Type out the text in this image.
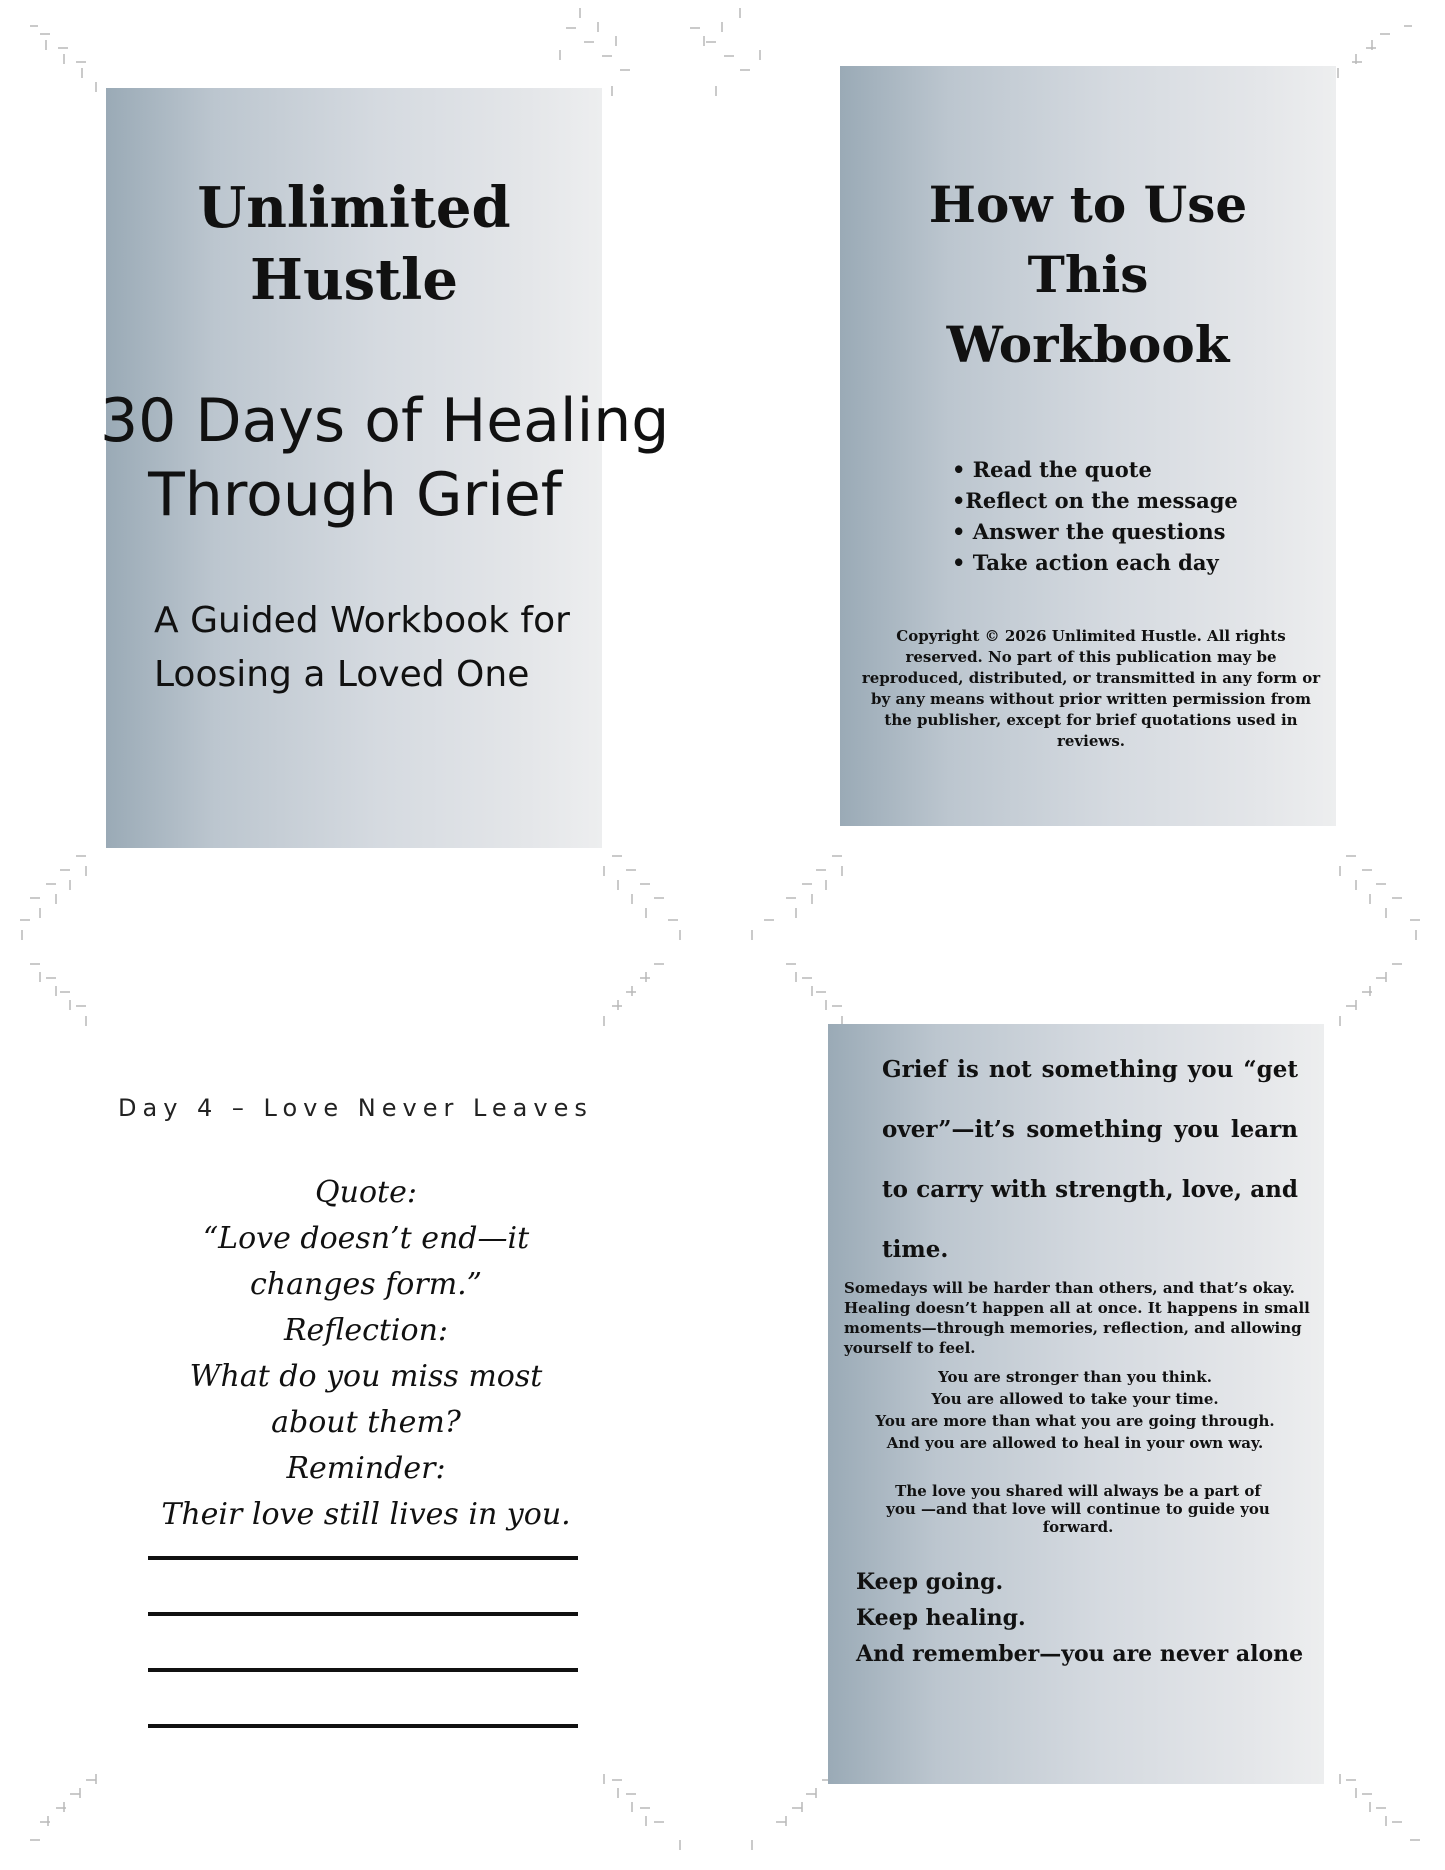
Unlimited
Hustle
30 Days of Healing
Through Grief
A Guided Workbook for
Loosing a Loved One
How to Use
This
Workbook
• Read the quote
•Reflect on the message
• Answer the questions
• Take action each day
Copyright © 2026 Unlimited Hustle. All rights reserved. No part of this publication may be reproduced, distributed, or transmitted in any form or by any means without prior written permission from the publisher, except for brief quotations used in reviews.
Day 4 – Love Never Leaves
Quote:
“Love doesn’t end—it
changes form.”
Reflection:
What do you miss most
about them?
Reminder:
Their love still lives in you.
Grief is not something you “get over”—it’s something you learn to carry with strength, love, and time.
Somedays will be harder than others, and that’s okay. Healing doesn’t happen all at once. It happens in small moments—through memories, reflection, and allowing yourself to feel.
You are stronger than you think.
You are allowed to take your time.
You are more than what you are going through.
And you are allowed to heal in your own way.
The love you shared will always be a part of you —and that love will continue to guide you forward.
Keep going.
Keep healing.
And remember—you are never alone
